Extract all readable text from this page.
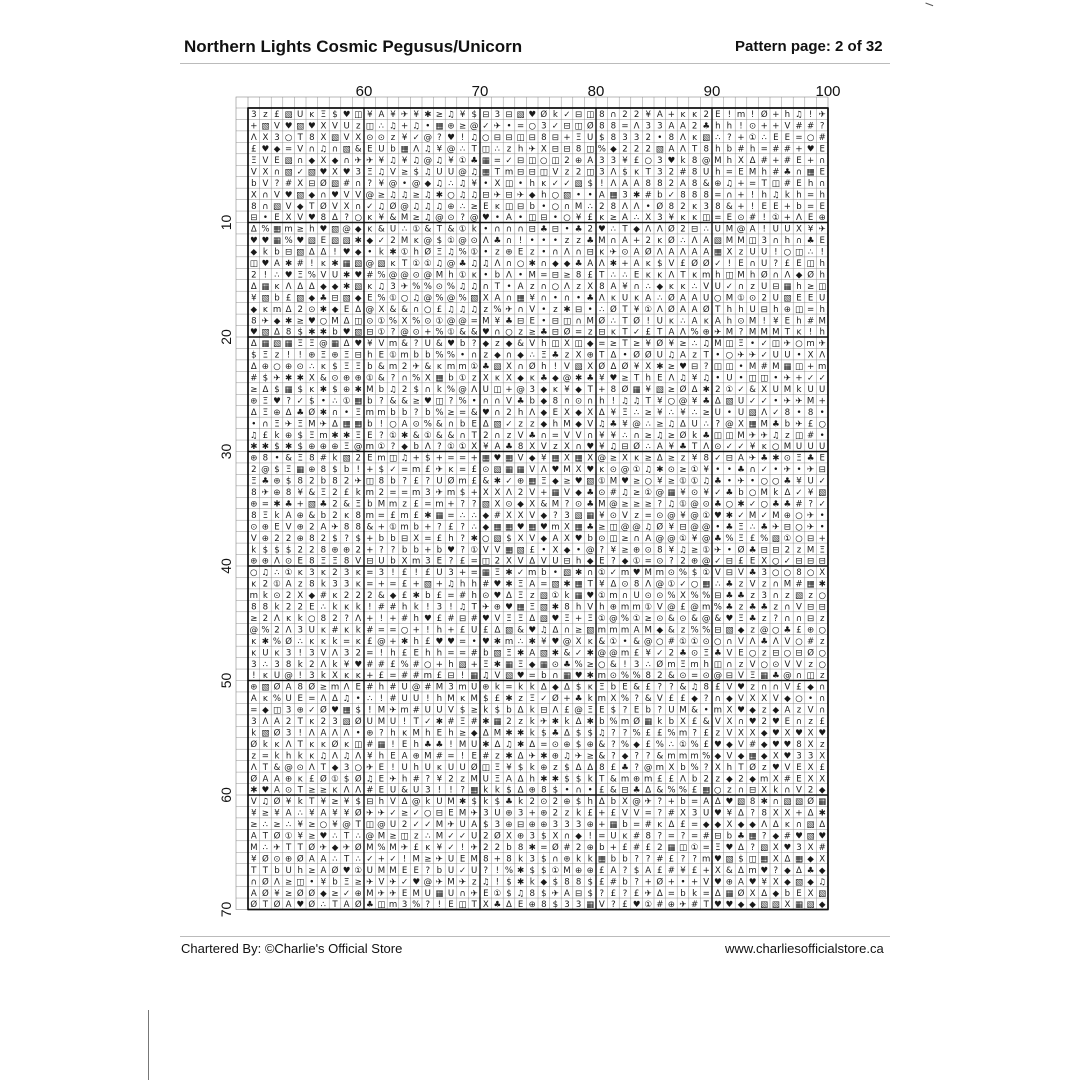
Northern Lights Cosmic Pegusus/Unicorn	Pattern page: 2 of 32
60	70	80	90	100
10
20
30
40
50
60
70
3 z £ ▧ U ĸ Ξ $ ♥ ◫ ¥ A ¥ ✈ ¥ ✱ ≥ ♫ ¥ $ ⊟ 3 ⊟ ▧ ♥ Ø k ✓ ⊟ ◫ 8 ∩ 2 2 ¥ A + ĸ ĸ 2 E ! m ! Ø + h ♫ ! ✈
+ ▧ V ♥ ▧ ♥ X V U z ◫ ∴ ♫ + ♫ • ▦ ⊕ ≥ @ ✓ ✈ • = ○ 3 ✓ ⊟ ◫ Ø 8 8 = Λ 3 3 A A 2 ♣ h h ! ⊙ + + V # # ?
Λ X 3 ○ T 8 X ▧ V X ⊙ ⊙ z ¥ ✓ @ ? ♥ ! ♫ ○ ⊟ ⊟ ◫ ⊟ 8 ⊟ + Ξ U $ 8 3 3 2 • 8 Λ ĸ ▧ ∴ ? + ① ∴ E E = ○ #
£ ♥ ◆ = V ∩ ♫ ∩ ▧ & E U b ▦ Λ ♫ ¥ @ ∴ T ◫ ∴ z h ✈ X ⊟ ⊟ 8 ◫ % ◆ 2 2 2 ▧ A Λ T 8 h b # h = # # + ♥ E
Ξ V E ▧ ∩ ◆ X ◆ ∩ ✈ ✈ ¥ ♫ ¥ ♫ @ ♫ ¥ ① ♣ ▦ = ✓ ⊟ ◫ ○ ◫ 2 ⊕ A 3 3 ¥ £ ○ 3 ♥ k 8 @ M h X Δ # + # E + ∩
V X ∩ ▧ ✓ ▧ ♥ X ♥ 3 Ξ ♫ V ≥ $ ♫ U U @ ♫ ▦ T m ⊟ ⊟ ◫ V z 2 ◫ 3 Λ $ ĸ T 3 2 # 8 U h = E M h # ♣ ∩ ▦ E
b V ? # X ⊟ Ø ▧ # ∩ ? ¥ @ • @ ◆ ♫ ∴ ♫ ¥ • X ◫ • h ĸ ✓ ✓ ▧ $ ! Λ A A 8 8 2 A 8 & ⊕ ♫ + = T ◫ # E h ∩
X ∩ V ♥ ▧ ◆ ∩ ♥ V V @ ≥ ♫ ♫ ≥ ♫ ✱ ○ ♫ ♫ ⊟ ✈ ⊟ ✈ ◆ h ○ ▧ • • A ▦ 3 ✱ # b ✓ 8 8 8 = ∩ + ! h ♫ k h = h
8 ∩ ▧ V ◆ T Ø V X ∩ ✓ ♫ Ø @ ♫ ♫ ♫ ⊕ ∴ ≥ E ĸ ◫ ⊟ b • ○ ∩ M ∴ 2 8 Λ Λ • Ø 8 2 ĸ 3 8 & + ! E E + b = E
⊟ • E X V ♥ 8 Δ ? ○ ĸ ¥ & M ≥ ♫ @ ⊙ ? @ ♥ • A • ◫ ⊟ • ○ ¥ £ ĸ ≥ A ∴ X 3 ¥ ĸ ĸ ◫ = E ⊙ # ! ① + Λ E ⊕
Δ % ▦ m ≥ h ♥ ▧ @ ◆ ĸ & U ∴ ① & T & ① k • ∩ ∩ ∩ ⊟ ♣ ⊟ • ♣ 2 ♥ ∴ T ◆ Λ Λ Ø 2 ⊟ ∴ U M @ A ! U U X ¥ ✈
♥ ♥ ▦ % ♥ ▧ E ▧ ▧ ✱ ◆ ✓ 2 M ĸ @ $ ① @ ⊙ Λ ♣ ∩ ! • • • z z ♣ M ∩ A + 2 ĸ Ø ∴ Λ A ▧ M M ◫ 3 ∩ h ∩ ♣ E
◆ k b ⊟ ▧ Δ Δ ! ♥ ◆ • k ✱ ① h Ø Ξ ♫ % ① • z ⊕ E z • ∩ Λ ∩ ⊟ ĸ ✈ ⊙ A Ø Λ A Λ A A ▦ X z U U ! ○ ◫ ∴ !
◫ ♥ A ✱ # ! ĸ ✱ ▦ ▧ @ ▧ ĸ T ① ① ♫ @ ♣ ♫ ♫ Λ ∩ ○ ✱ ∩ ◆ ◆ ♣ A Λ ✱ + A ĸ $ V £ Ø Ø ✓ ! E ∩ U ? £ E ◫ h
2 ! ∴ ♥ Ξ % V U ✱ ♥ # % @ @ ⊙ @ M h ① ĸ • b Λ • M = ⊟ ≥ 8 £ T ∴ ∴ E ĸ ĸ Λ T ĸ m h ◫ M h Ø ∩ Λ ◆ Ø h
Δ ▦ ĸ Λ Δ Δ ◆ ◆ ✱ ▧ ĸ ♫ 3 ✈ % % ⊙ % ♫ ♫ ∩ T • A z ∩ ○ Λ z X 8 A ¥ ∩ ∴ ◆ ĸ ĸ ∴ V U ✓ ∩ z U ⊟ ▦ h ≥ ◫
¥ ▧ b £ ▧ ◆ ♣ ⊟ ▧ ◆ E % ① ○ ♫ @ % @ % ▧ X A ∩ ▦ ¥ ∩ • ∩ • ♣ Λ ĸ U ĸ A ∴ Ø A A U ○ M ① ⊙ 2 U ▧ E E U
◆ ĸ m Δ 2 ⊙ ✱ ◆ E Δ @ X & & ∩ ○ £ ♫ ♫ ♫ z % ✈ ∩ V • z ✱ ⊟ • ∴ Ø T ¥ ① Λ Ø A A Ø T h h U ⊟ h ⊕ ◫ = h
8 ✈ ◆ ✱ ≥ ♥ ○ M Δ ◫ ⊙ ① % X % ⊙ ① @ @ = M ¥ ♣ ⊟ E • ⊟ ◫ ∩ M Ø ∴ T Ø ! U ĸ ∴ A ĸ A h ⊙ M ! ¥ E h # M
♥ ▧ Δ 8 $ ✱ ✱ b ♥ ▧ ⊟ ① ? @ ⊙ + % ① & & ♥ ∩ ○ z ≥ ♣ ⊟ Ø = z ⊟ ĸ T ✓ £ T A Λ % ⊕ ✈ M ? M M M T ĸ ! h
Δ ▦ ▧ ▦ Ξ Ξ @ ▦ Δ ♥ ¥ V m & ? U & ♥ b ? ◆ z ◆ & V h ◫ X ◫ ◆ = ≥ T ≥ ¥ Ø ¥ ≥ ∴ ♫ M ◫ Ξ • ✓ ◫ ✈ ○ m ✈
$ Ξ z ! ! ⊕ Ξ ⊕ Ξ ⊟ h E ① m b b % % • ∩ z ◆ ∩ ◆ ∴ Ξ ♣ z X ⊕ T Δ • Ø Ø U ♫ A z T • ○ ✈ ✈ ✓ U U • X Λ
Δ ⊕ ○ ⊕ ⊙ ∴ ĸ $ Ξ Ξ b & m 2 ✈ & ĸ m m ① ♣ ▧ X ∩ Ø h ! V ▧ X Ø Δ Ø ¥ X ✱ ≥ ♥ ⊟ ? ◫ ◫ • M # M ▦ ◫ + m
# $ ✈ ✱ ✱ X & ⊙ ⊕ ⊕ ① & ? ∩ % X ▦ b ① z X ĸ X ◆ ĸ ♣ ◆ @ ✱ ♣ ¥ ♥ ≥ T h E Λ ♫ ¥ ♫ • U • ◫ ◫ • ✈ + ✓ ✓
≥ Δ $ ▦ $ ĸ ✱ $ ⊕ ✱ M b ♫ 2 $ ∩ k % @ Λ U ◫ + @ 3 ◆ ĸ ¥ ◆ T + 8 Ø ▦ ¥ ▧ ≥ Ø Δ ✱ 2 ① ✓ & X U M k U U
⊕ Ξ ♥ ? ✓ $ • ∴ ① ▦ b ? & & ≥ ♥ ◫ ? % • ∩ ∩ V ♣ b ◆ 8 ∩ ⊙ ∩ h ! ♫ ♫ T ¥ ○ @ ¥ ♣ Δ ▧ U ✓ ✓ • ✈ ✈ M +
Δ Ξ ⊕ Δ ♣ Ø ✱ ∩ • Ξ m m b b ? b % ≥ = & ♥ ∩ 2 h Λ ◆ E X ◆ X Δ ¥ Ξ ∴ ≥ ¥ ∴ ¥ ∴ ≥ U • U ▧ Λ ✓ 8 • 8 •
• ∩ Ξ ✈ Ξ M ✈ Δ ▦ ▦ b ! ○ A ⊙ % & ∩ b E Δ ▧ ✓ z z ◆ h M ◆ V ♫ ♣ ¥ @ ∴ ≥ ♫ Δ U ∴ ? @ X ▦ M ♣ b ✈ £ ○
♫ £ k ⊕ $ Ξ m ✱ ✱ Ξ E ? ① ✱ & ① & & ∩ T 2 ∩ z V ♣ ∩ = V V ∩ ¥ ¥ ∴ ∩ ≥ ♫ ≥ Ø k ♣ ◫ ◫ M ✈ ✈ ♫ z ◫ # •
✱ ✱ $ ✱ $ ⊕ ⊕ ⊕ Ξ @ m ① ? ◆ b Λ ? ① ① X ¥ A ♣ 8 X V z X ∩ ♥ ¥ ♫ ⊟ Ø ∴ A ¥ ♣ T Λ ⊙ ✓ ✓ ¥ ĸ ○ M U U U
⊕ 8 • & Ξ 8 # k ▧ 2 E m ◫ ♫ + $ + = = + ▦ ♥ ▦ V ◆ ¥ ▦ X ▦ X @ ≥ X ĸ ≥ Δ ≥ z ¥ 8 ✓ ⊟ A ✈ ♣ ✱ ⊙ Ξ ♣ E
2 @ $ Ξ ▦ ⊕ 8 $ b ! + $ ✓ = m £ ✈ ĸ = £ ⊙ ▧ ▦ ▦ V Λ ♥ M X ♥ ĸ ⊙ @ ① ♫ ✱ ⊙ ≥ ① ¥ • • ♣ ∩ ✓ • ✈ • ✈ ⊟
Ξ ♣ ⊕ $ 8 2 b 8 2 ✈ ◫ 8 b ? £ ? U Ø m £ & ✱ ✓ ⊕ ▦ Ξ ◆ ≥ ♥ ▧ ① M ♥ ≥ ○ ¥ ≥ ① ① ♫ ♣ • ✈ • ○ ○ ♣ ¥ U ✓
8 ✈ ⊕ 8 ¥ & Ξ 2 £ k m 2 = = m 3 ✈ m $ + X X Λ 2 V + ▦ V ◆ ♣ ⊙ # ♫ ≥ ① @ ▦ ¥ ⊙ ¥ ✓ ♣ b ○ M k Δ ✓ ¥ ▧
⊕ = ✱ ♣ + ▧ ♣ 2 & Ξ b M m z £ = m + ? ? ▧ X ⊙ ◆ X & M ? ⊙ ♣ M @ ≥ ≥ ≥ ? ♫ ① @ ⊙ ♣ ○ ✱ ✓ ○ ♣ ♣ # ? ✓
8 Ξ k A ⊕ & b 2 ĸ 8 m = £ m £ ✱ ▦ = ∴ ∴ ◆ # X X V ◆ ? 3 ▧ ▦ ¥ ⊙ V z = ⊙ @ ¥ @ ① ♥ ✱ ✓ M ✓ M ⊕ ○ ✈ •
⊙ ⊕ E V ⊕ 2 A ✈ 8 8 & + ① m b + ? £ ? ∴ ◆ ▦ ▦ ♥ ▦ ♥ m X ▦ ♣ ≥ ◫ @ @ ♫ Ø ¥ ⊟ @ @ • ♣ Ξ ∴ ♣ ✈ ⊟ ○ ✈ •
V ⊕ 2 2 ⊕ 8 2 $ ? $ + b b ⊟ X = £ h ? ✱ ○ ▧ $ X V ◆ A X ♥ b ⊙ ◫ ≥ ∩ A @ @ ① ¥ @ ♣ % Ξ £ % ▧ ① ○ ⊟ +
k $ $ $ 2 2 8 ⊕ ⊕ 2 + ? ? b b + b ♥ ? ① V V ▦ ▧ £ • X ◆ • @ ? ¥ ≥ ⊕ ⊙ 8 ¥ ♫ ≥ ① ✈ • Ø ♣ ⊟ ⊟ 2 z M Ξ
⊕ ⊕ Λ ⊙ E 8 Ξ Ξ 8 V ⊟ U b X m 3 E ? £ = ◫ 2 X V Δ V U ⊟ h ◆ E ? ◆ ① = ⊙ ? 2 ⊕ @ ✓ ⊟ £ E X ○ ✓ ⊟ ⊟ ⊟
○ ♫ ∴ ① ĸ 3 ĸ 2 3 ĸ = 3 ! £ ! £ U 3 + = ▦ Ξ ✱ ✓ m b • ▧ ✱ ∩ ① ✓ m ♥ M m ⊙ % $ ① V ⊟ V ♣ 3 ○ ○ 8 ○ X
ĸ 2 ① A z 8 k 3 3 ĸ = + = £ + ▧ + ♫ h h # ♥ ✱ Ξ A = ▧ ✱ ▦ T ¥ Δ ⊙ 8 Λ @ ① ✓ ○ ▦ ∴ ♣ z V z ∩ M # ▦ ✱
m k ⊙ 2 X ◆ # ĸ 2 2 2 & ◆ £ ✱ b £ = # h ⊙ ♥ Δ Ξ z ▧ ① k ▦ ♥ ① m ∩ U ⊙ ⊙ % X % % ⊟ ♣ ♣ z 3 ∩ z ▧ z ○
8 8 k 2 2 E ∴ k ĸ k ! # # h k ! 3 ! ♫ T ✈ ⊕ ♥ ▦ Ξ ▧ ✱ 8 h V h ⊕ m m ① V @ £ @ m % ♣ z ♣ ♣ z ∩ V ⊟ ⊟
≥ 2 Λ ĸ k ○ 8 2 ? Λ + ! + # h ♥ £ # ⊟ # ♥ V Ξ Ξ Δ ▧ ♥ Ξ + Ξ ① @ % ① ≥ ⊙ & ⊙ & @ & ♥ Ξ ♣ z ? ∩ ∩ ⊟ z
@ % 2 Λ 3 U ĸ # ĸ k # = = ○ + ! h + £ U £ Δ ▧ & ♥ ♫ Δ ∩ ≥ ▧ m m m A M ◆ & z % % ⊟ ▧ ◆ z @ ○ ♣ £ ⊕ ○
ĸ ✱ % Ø ∴ ĸ ĸ k = ĸ £ @ + ✱ h £ ♥ ♥ = • ♥ ✱ m ∴ ✱ ¥ ♥ @ X ĸ & ① • & @ ○ # ① ① ⊙ ○ ∩ V Λ ♣ Λ V ○ # z
ĸ U ĸ 3 ! 3 V Λ 3 2 = ! h £ E h h = = # b ▧ Ξ ✱ A ▧ ✱ & ✓ ✱ @ @ m £ ¥ ✓ 2 ♣ ⊙ Ξ ♣ V E ○ z ⊟ ○ ⊟ Ø ○
3 ∴ 3 8 k 2 Λ k ¥ ♥ # # £ % # ○ + h ▧ + Ξ ✱ ▦ Ξ ◆ ▦ ⊙ ♣ % ≥ ○ & ! 3 ∴ Ø m Ξ m h ◫ ∩ z V ○ ⊙ V V z ○
! ĸ U @ ! 3 k X ĸ ĸ + £ = # # m £ ⊟ ! ▦ ♫ V ▧ ♥ = b ∩ ▦ ♥ ✱ m ⊙ % % 8 2 & ⊙ = ⊙ @ ⊟ V Ξ ▦ ♣ @ ∩ ◫ z
⊕ ▧ Ø A 8 Ø ≥ m Λ E # h # U @ # M 3 m U ⊕ k = k k Δ ◆ Δ $ ĸ Ξ b E & £ ? ? & ♫ 8 £ V ♥ z ∩ ∩ V £ ◆ ∩
A ĸ % U E = Λ Δ ♫ • ∴ ! # U U ! h M ĸ M $ £ ✱ z Ξ ✓ Ø + ♣ k m X % ? & V £ £ ◆ ? ∩ ◆ V X X V ◆ ○ • ∩
= ◆ ◫ 3 ⊕ ✓ Ø ♥ ▦ $ ! M ✈ m # U U V $ ≥ k $ b Δ k ⊟ Λ £ @ Ξ E $ ? E b ? U M & • m X ♥ ◆ z ◆ A z V ∩
3 Λ A 2 T ĸ 2 3 ▧ Ø U M U ! T ✓ ✱ # Ξ # ✱ ▦ 2 z k ✈ ✱ k Δ ✱ b % m Ø ▦ k b X £ & V X ∩ ♥ 2 ♥ E ∩ z £
k ▧ Ø 3 ! Λ A Λ Λ • ⊕ ? h ĸ M h E h ≥ ◆ Δ M ✱ ✱ k $ ♣ Δ $ $ ♫ ? ? % £ £ % m ? £ z V X X ◆ ♥ X ♥ X ♥
Ø k ĸ Λ T ĸ ĸ Ø ĸ ◫ # ▦ ! E h ♣ ♣ ! M U ✱ Δ ♫ ✱ Δ = ⊙ ⊕ $ ⊕ & ? % ◆ £ % ∴ ① % £ ♥ ◆ V # ◆ ♥ ♥ 8 X z
z = k h k ĸ ♫ Λ ♫ Λ ¥ h E A ⊕ M # = ! E # z ✱ Δ ✈ ✱ ⊕ ♫ ✈ ≥ & ? ◆ ? ? & m m m % ◆ V ◆ ▦ ◆ X ♥ 3 3 X
Λ T & @ ⊙ Λ T ◆ 3 ○ ✈ E ! U h U ĸ U U Ø ◫ Ξ ¥ $ k ⊕ z $ Δ Δ 8 £ ♣ ? @ m X b % ? X h T Ø z ♥ V E X £
Ø A A ⊕ ĸ £ Ø ① $ Ø ♫ E ✈ h # ? ¥ 2 z M U Ξ A Δ h ✱ ✱ $ $ k T & m ⊕ m £ £ Λ b 2 z ◆ 2 ◆ m X # E X X
✱ ♥ A ⊙ T ≥ ≥ ĸ Λ Λ # E U & U 3 ! ! ? ▦ k k $ Δ ⊕ 8 $ • ∩ • £ & ⊟ ♣ Δ & % % £ ▦ ○ z ∩ ⊟ X k ∩ V 2 ◆
V ♫ Ø ¥ k T ¥ ≥ ¥ $ ⊟ h V Δ @ k U M ✱ $ k $ ♣ k 2 ⊙ 2 ⊕ $ h Δ b X @ ✈ ? + b = A Δ ♥ ▧ 8 ✱ ∩ ▧ ▧ Ø ▦
¥ ≥ ¥ A ∴ ¥ A ¥ ¥ Ø ✈ ✈ ✓ ≥ ✓ ○ ⊟ E M ✈ 3 U ⊕ 3 + ⊕ 2 z k £ + £ V V = ? # X 3 U ♥ ¥ Δ ? 8 X X + Δ ✱
≥ ∴ ≥ ∴ ¥ ≥ ○ ¥ @ T ◫ @ U 2 ✓ ✓ M ✈ U A $ 3 ⊕ ⊟ ⊕ ⊕ 3 3 3 ⊕ + ▦ b = # ĸ Δ £ = ◆ ◆ X ◆ ◆ Λ Δ ĸ ∩ ▧ Δ
A T Ø ① ¥ ≥ ♥ ∴ T ∴ @ M ≥ ◫ z ∴ M ✓ ✓ U 2 Ø X ⊕ 3 $ X ∩ ◆ ! = U ĸ # 8 ? = ? = # ⊟ b ♣ ▦ ? ◆ # ♥ ▧ ♥
M ∴ ✈ T T Ø ✈ ◆ ✈ Ø M % M ✈ £ ĸ ¥ ✓ ! ✈ 2 2 b 8 ✱ = Ø # 2 ⊕ b + £ # £ 2 ▦ ◫ ① = Ξ ♥ Δ ? ▧ X ♥ 3 X #
¥ Ø ⊙ ⊕ Ø A A ∴ T ∴ ✓ + ✓ ! M ≥ ✈ U E M 8 + 8 k 3 $ ∩ ⊕ k k ▦ b b ? ? # £ ? ? m ♥ ▧ $ ◫ ▦ X Δ ▦ ◆ X
T T b U h ≥ A Ø ♥ ① U M M E E ? b U ✓ U ? ! % ✱ $ $ ① M ⊕ ⊕ £ A ? $ A £ # ¥ £ + X & Δ m ♥ ? ◆ Δ ♣ ◆
∩ Ø Λ ≥ ◫ • ¥ b Ξ ≥ ✈ V ✈ ✓ ♥ @ ✈ M ✈ z ♫ ! $ ✱ k ◆ $ 8 8 $ £ # b ? + Ø + • + V ♥ ⊕ A ♥ ¥ X ◆ ▧ ◆ ♫
A Ø ¥ ≥ Ø Ø ◆ ≥ ✓ ⊕ M ✈ ✈ E M U ▦ U ∩ ✈ E ① $ ♫ 8 $ ✈ A ⊟ $ ? £ ? £ ✈ Δ = b k = Δ ▦ Ø X Δ ◆ b E X ▧
Ø T Ø A ♥ Ø ∴ T A Ø ♣ ◫ m 3 % ? ! E ◫ T X ♣ Δ E ⊕ 8 $ 3 3 ▦ V ? £ ♥ ① # ⊕ ✈ # T ♥ ♥ ◆ ◆ ▧ ▧ X ▦ ▧ ◆
Chartered By: ©Charlie's Official Store	www.charliesofficialstore.ca
